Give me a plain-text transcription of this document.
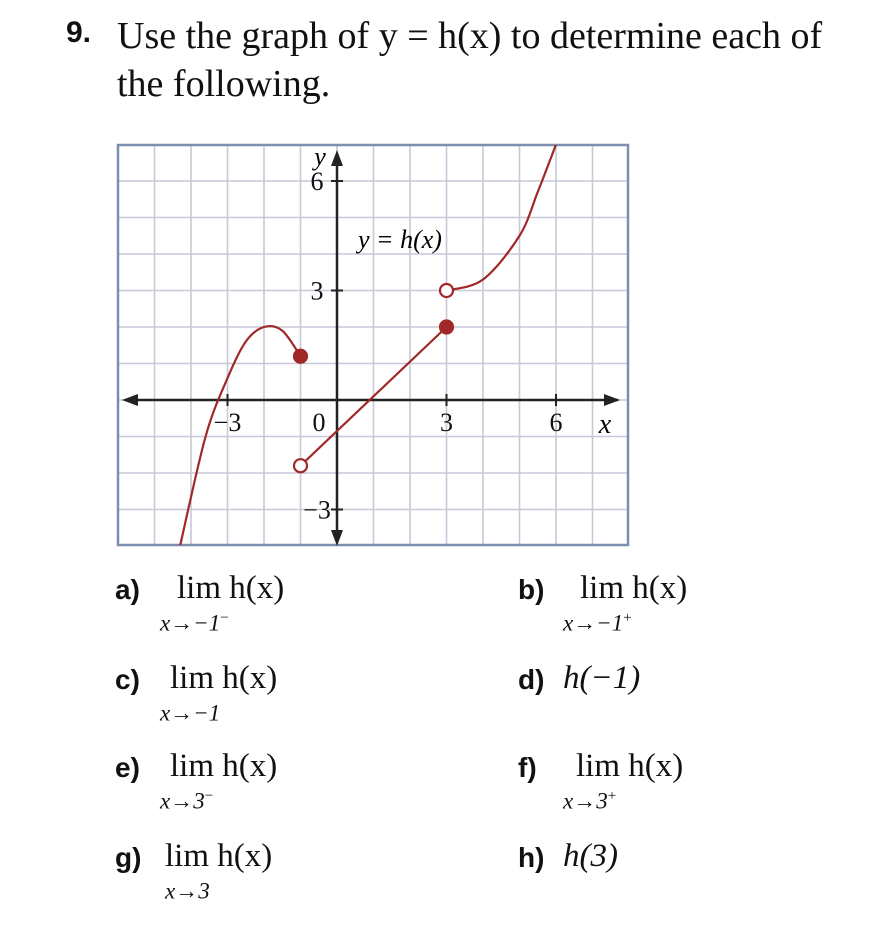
9. Use the graph of y = h(x) to determine each of
the following.
−3	0	3	6
6
3
−3
y = h(x)
y
x
a) lim h(x)
x→−1−
b) lim h(x)
x→−1+
c) lim h(x)
x→−1
d) h(−1)
e) lim h(x)
x→3−
f) lim h(x)
x→3+
g) lim h(x)
x→3
h) h(3)
